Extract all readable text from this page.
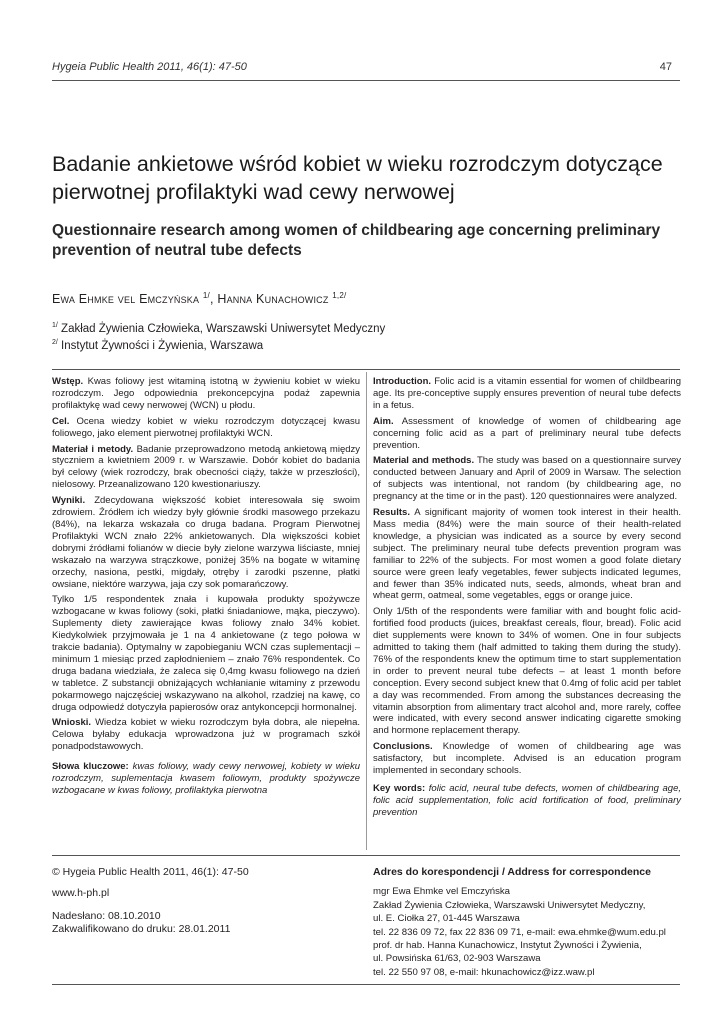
Hygeia Public Health 2011, 46(1): 47-50	47
Badanie ankietowe wśród kobiet w wieku rozrodczym dotyczące pierwotnej profilaktyki wad cewy nerwowej
Questionnaire research among women of childbearing age concerning preliminary prevention of neutral tube defects
Ewa Ehmke vel Emczyńska $^{1/}$, Hanna Kunachowicz $^{1,2/}$
$^{1/}$ Zakład Żywienia Człowieka, Warszawski Uniwersytet Medyczny
$^{2/}$ Instytut Żywności i Żywienia, Warszawa

Wstęp. Kwas foliowy jest witaminą istotną w żywieniu kobiet w wieku rozrodczym. Jego odpowiednia prekoncepcyjna podaż zapewnia profilaktykę wad cewy nerwowej (WCN) u płodu.

Cel. Ocena wiedzy kobiet w wieku rozrodczym dotyczącej kwasu foliowego, jako element pierwotnej profilaktyki WCN.

Materiał i metody. Badanie przeprowadzono metodą ankietową między styczniem a kwietniem 2009 r. w Warszawie. Dobór kobiet do badania był celowy (wiek rozrodczy, brak obecności ciąży, także w przeszłości), nielosowy. Przeanalizowano 120 kwestionariuszy.

Wyniki. Zdecydowana większość kobiet interesowała się swoim zdrowiem. Źródłem ich wiedzy były głównie środki masowego przekazu (84%), na lekarza wskazała co druga badana. Program Pierwotnej Profilaktyki WCN znało 22% ankietowanych. Dla większości kobiet dobrymi źródłami folianów w diecie były zielone warzywa liściaste, mniej wskazało na warzywa strączkowe, poniżej 35% na bogate w witaminę orzechy, nasiona, pestki, migdały, otręby i zarodki pszenne, płatki owsiane, niektóre warzywa, jaja czy sok pomarańczowy.

Tylko 1/5 respondentek znała i kupowała produkty spożywcze wzbogacane w kwas foliowy (soki, płatki śniadaniowe, mąka, pieczywo). Suplementy diety zawierające kwas foliowy znało 34% kobiet. Kiedykolwiek przyjmowała je 1 na 4 ankietowane (z tego połowa w trakcie badania). Optymalny w zapobieganiu WCN czas suplementacji – minimum 1 miesiąc przed zapłodnieniem – znało 76% respondentek. Co druga badana wiedziała, że zaleca się 0,4mg kwasu foliowego na dzień w tabletce. Z substancji obniżających wchłanianie witaminy z przewodu pokarmowego najczęściej wskazywano na alkohol, rzadziej na kawę, co druga odpowiedź dotyczyła papierosów oraz antykoncepcji hormonalnej.

Wnioski. Wiedza kobiet w wieku rozrodczym była dobra, ale niepełna. Celowa byłaby edukacja wprowadzona już w programach szkół ponadpodstawowych.

Słowa kluczowe: kwas foliowy, wady cewy nerwowej, kobiety w wieku rozrodczym, suplementacja kwasem foliowym, produkty spożywcze wzbogacane w kwas foliowy, profilaktyka pierwotna

Introduction. Folic acid is a vitamin essential for women of childbearing age. Its pre-conceptive supply ensures prevention of neural tube defects in a fetus.

Aim. Assessment of knowledge of women of childbearing age concerning folic acid as a part of preliminary neural tube defects prevention.

Material and methods. The study was based on a questionnaire survey conducted between January and April of 2009 in Warsaw. The selection of subjects was intentional, not random (by childbearing age, no pregnancy at the time or in the past). 120 questionnaires were analyzed.

Results. A significant majority of women took interest in their health. Mass media (84%) were the main source of their health-related knowledge, a physician was indicated as a source by every second subject. The preliminary neural tube defects prevention program was familiar to 22% of the subjects. For most women a good folate dietary source were green leafy vegetables, fewer subjects indicated legumes, and fewer than 35% indicated nuts, seeds, almonds, wheat bran and wheat germ, oatmeal, some vegetables, eggs or orange juice.

Only 1/5th of the respondents were familiar with and bought folic acid-fortified food products (juices, breakfast cereals, flour, bread). Folic acid diet supplements were known to 34% of women. One in four subjects admitted to taking them (half admitted to taking them during the study). 76% of the respondents knew the optimum time to start supplementation in order to prevent neural tube defects – at least 1 month before conception. Every second subject knew that 0.4mg of folic acid per tablet a day was recommended. From among the substances decreasing the vitamin absorption from alimentary tract alcohol and, more rarely, coffee were indicated, with every second answer indicating cigarette smoking and hormone replacement therapy.

Conclusions. Knowledge of women of childbearing age was satisfactory, but incomplete. Advised is an education program implemented in secondary schools.

Key words: folic acid, neural tube defects, women of childbearing age, folic acid supplementation, folic acid fortification of food, preliminary prevention

© Hygeia Public Health 2011, 46(1): 47-50
www.h-ph.pl
Nadesłano: 08.10.2010
Zakwalifikowano do druku: 28.01.2011
Adres do korespondencji / Address for correspondence
mgr Ewa Ehmke vel Emczyńska
Zakład Żywienia Człowieka, Warszawski Uniwersytet Medyczny,
ul. E. Ciołka 27, 01-445 Warszawa
tel. 22 836 09 72, fax 22 836 09 71, e-mail: ewa.ehmke@wum.edu.pl
prof. dr hab. Hanna Kunachowicz, Instytut Żywności i Żywienia,
ul. Powsińska 61/63, 02-903 Warszawa
tel. 22 550 97 08, e-mail: hkunachowicz@izz.waw.pl
